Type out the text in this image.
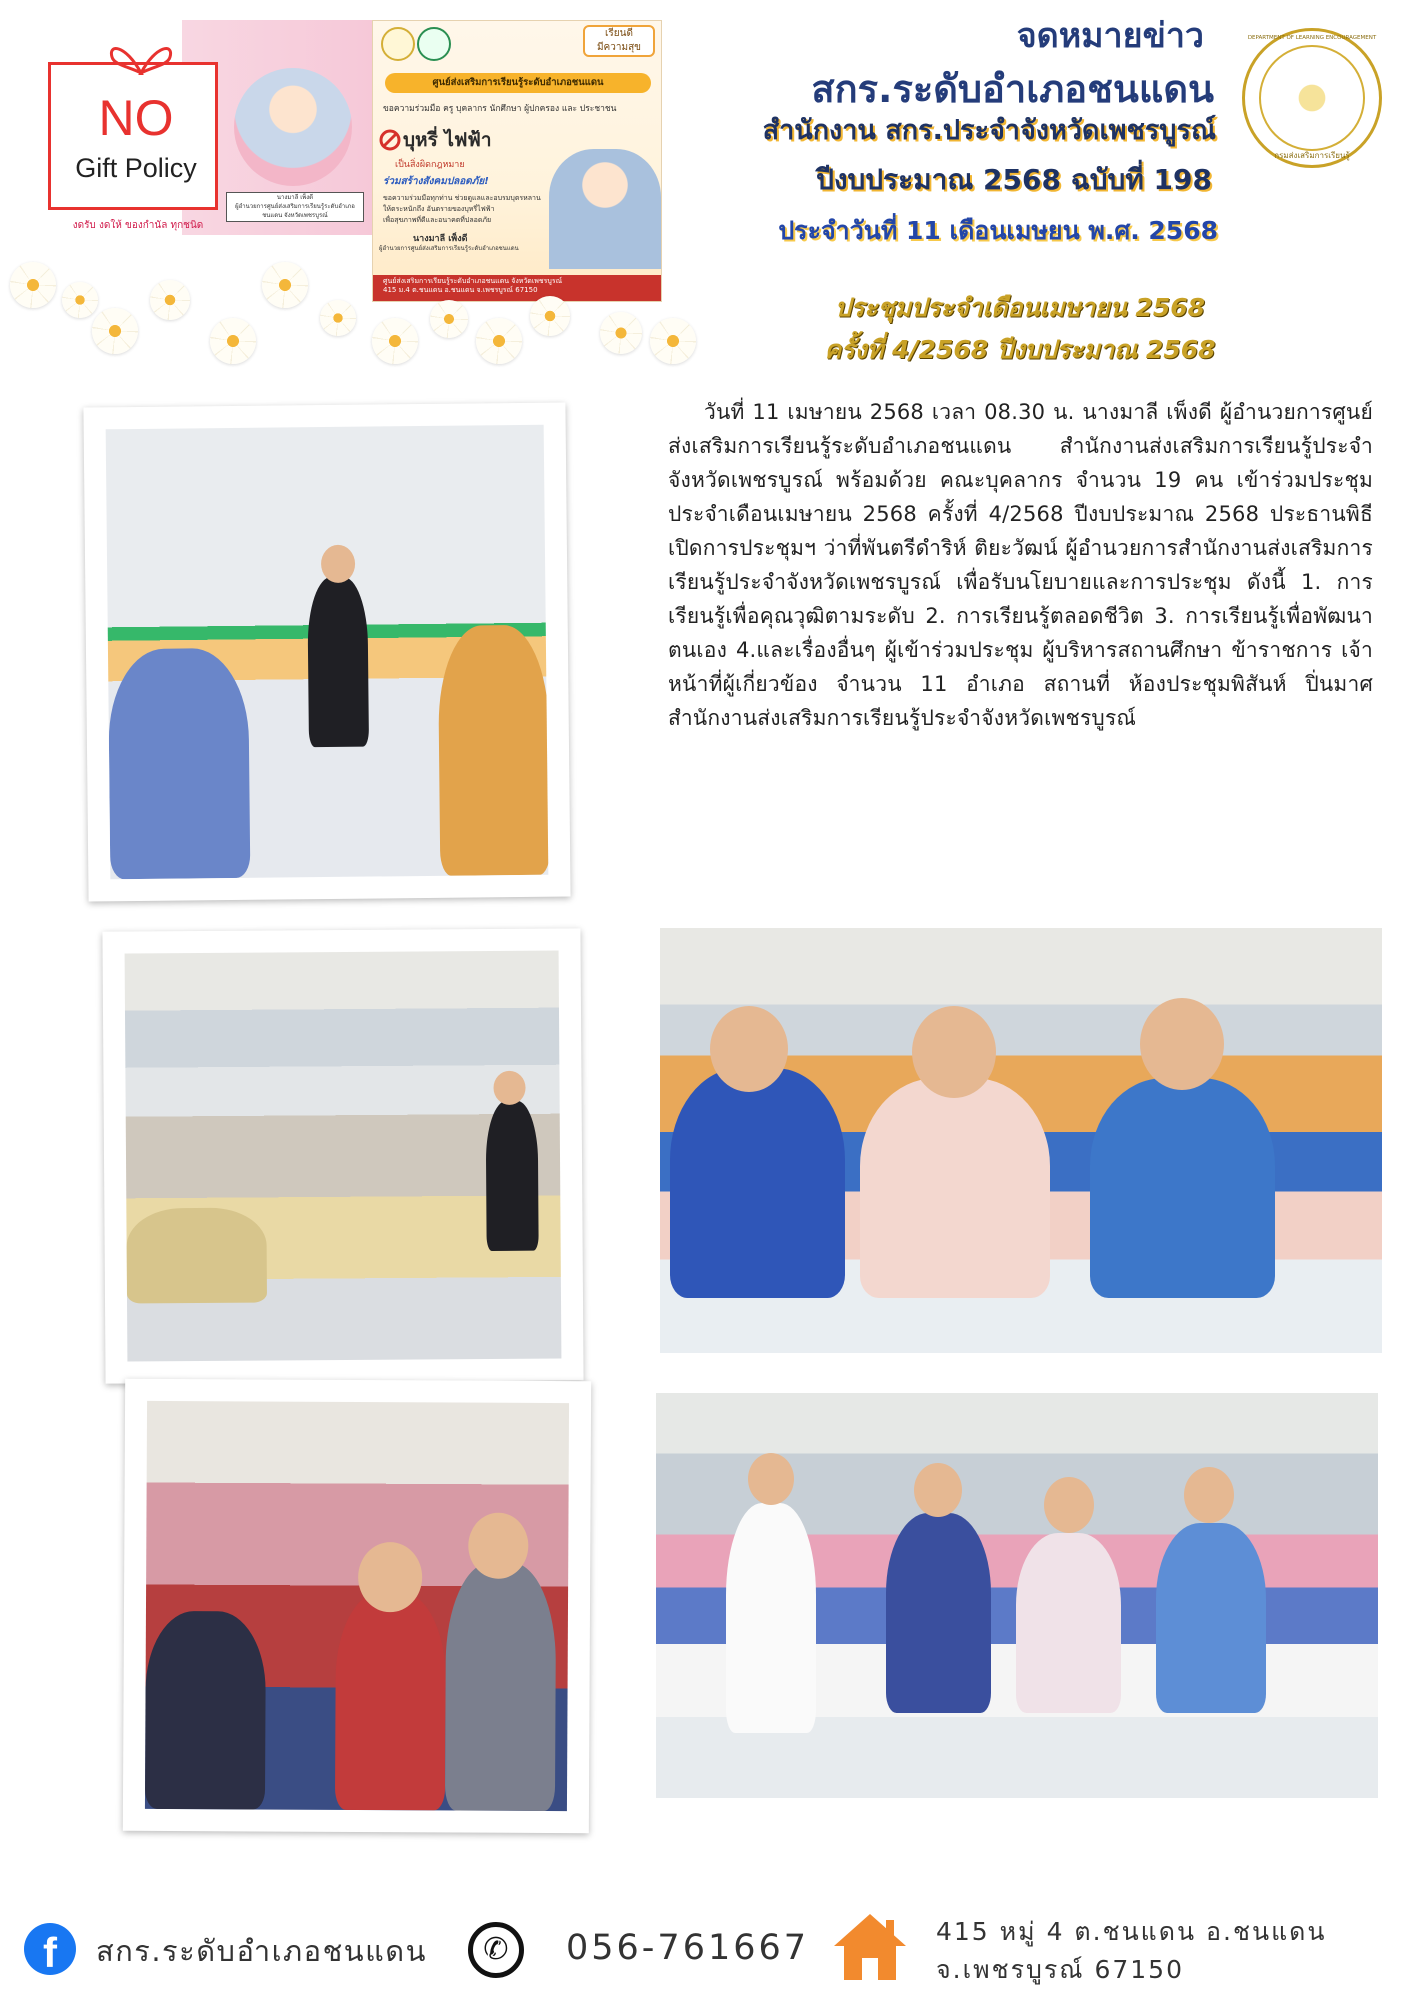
NO
Gift Policy
งดรับ งดให้ ของกำนัล ทุกชนิด
นางมาลี เพ็งดี
ผู้อำนวยการศูนย์ส่งเสริมการเรียนรู้ระดับอำเภอชนแดน จังหวัดเพชรบูรณ์
เรียนดี
มีความสุข
ศูนย์ส่งเสริมการเรียนรู้ระดับอำเภอชนแดน
ขอความร่วมมือ ครู บุคลากร นักศึกษา ผู้ปกครอง และ ประชาชน
บุหรี่ ไฟฟ้า
เป็นสิ่งผิดกฎหมาย
ร่วมสร้างสังคมปลอดภัย!
ขอความร่วมมือทุกท่าน ช่วยดูแลและอบรมบุตรหลาน
ให้ตระหนักถึง อันตรายของบุหรี่ไฟฟ้า
เพื่อสุขภาพที่ดีและอนาคตที่ปลอดภัย
นางมาลี เพ็งดี
ผู้อำนวยการศูนย์ส่งเสริมการเรียนรู้ระดับอำเภอชนแดน
ศูนย์ส่งเสริมการเรียนรู้ระดับอำเภอชนแดน จังหวัดเพชรบูรณ์
415 ม.4 ต.ชนแดน อ.ชนแดน จ.เพชรบูรณ์ 67150
จดหมายข่าว
สกร.ระดับอำเภอชนแดน
สำนักงาน สกร.ประจำจังหวัดเพชรบูรณ์
ปีงบประมาณ 2568 ฉบับที่ 198
ประจำวันที่ 11 เดือนเมษยน พ.ศ. 2568
กรมส่งเสริมการเรียนรู้
DEPARTMENT OF LEARNING ENCOURAGEMENT
ประชุมประจำเดือนเมษายน 2568
ครั้งที่ 4/2568 ปีงบประมาณ 2568
วันที่ 11 เมษายน 2568 เวลา 08.30 น. นางมาลี เพ็งดี ผู้อำนวยการศูนย์ส่งเสริมการเรียนรู้ระดับอำเภอชนแดน สำนักงานส่งเสริมการเรียนรู้ประจำจังหวัดเพชรบูรณ์ พร้อมด้วย คณะบุคลากร จำนวน 19 คน เข้าร่วมประชุมประจำเดือนเมษายน 2568 ครั้งที่ 4/2568 ปีงบประมาณ 2568 ประธานพิธีเปิดการประชุมฯ ว่าที่พันตรีดำริห์ ติยะวัฒน์ ผู้อำนวยการสำนักงานส่งเสริมการเรียนรู้ประจำจังหวัดเพชรบูรณ์ เพื่อรับนโยบายและการประชุม ดังนี้ 1. การเรียนรู้เพื่อคุณวุฒิตามระดับ 2. การเรียนรู้ตลอดชีวิต 3. การเรียนรู้เพื่อพัฒนาตนเอง 4.และเรื่องอื่นๆ ผู้เข้าร่วมประชุม ผู้บริหารสถานศึกษา ข้าราชการ เจ้าหน้าที่ผู้เกี่ยวข้อง จำนวน 11 อำเภอ สถานที่ ห้องประชุมพิสันห์ ปิ่นมาศ สำนักงานส่งเสริมการเรียนรู้ประจำจังหวัดเพชรบูรณ์
f	สกร.ระดับอำเภอชนแดน	✆	056-761667	415 หมู่ 4 ต.ชนแดน อ.ชนแดน
จ.เพชรบูรณ์ 67150
